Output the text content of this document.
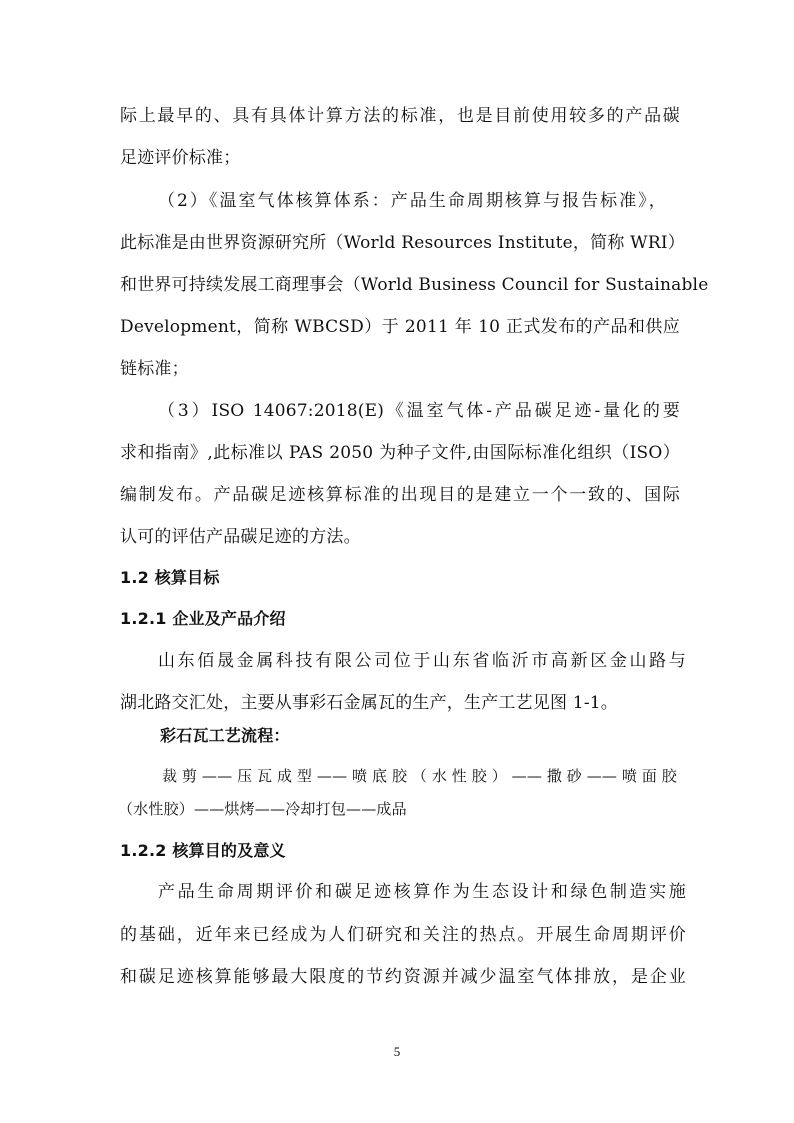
际上最早的、具有具体计算方法的标准，也是目前使用较多的产品碳
足迹评价标准；
（2）《温室气体核算体系：产品生命周期核算与报告标准》，
此标准是由世界资源研究所（World Resources Institute，简称 WRI）
和世界可持续发展工商理事会（World Business Council for Sustainable
Development，简称 WBCSD）于 2011 年 10 正式发布的产品和供应
链标准；
（3）ISO 14067:2018(E)《温室气体-产品碳足迹-量化的要
求和指南》,此标准以 PAS 2050 为种子文件,由国际标准化组织（ISO）
编制发布。产品碳足迹核算标准的出现目的是建立一个一致的、国际
认可的评估产品碳足迹的方法。
1.2 核算目标
1.2.1 企业及产品介绍
山东佰晟金属科技有限公司位于山东省临沂市高新区金山路与
湖北路交汇处，主要从事彩石金属瓦的生产，生产工艺见图 1-1。
彩石瓦工艺流程：
裁剪——压瓦成型——喷底胶（水性胶）——撒砂——喷面胶
（水性胶）——烘烤——冷却打包——成品
1.2.2 核算目的及意义
产品生命周期评价和碳足迹核算作为生态设计和绿色制造实施
的基础，近年来已经成为人们研究和关注的热点。开展生命周期评价
和碳足迹核算能够最大限度的节约资源并减少温室气体排放，是企业
5
